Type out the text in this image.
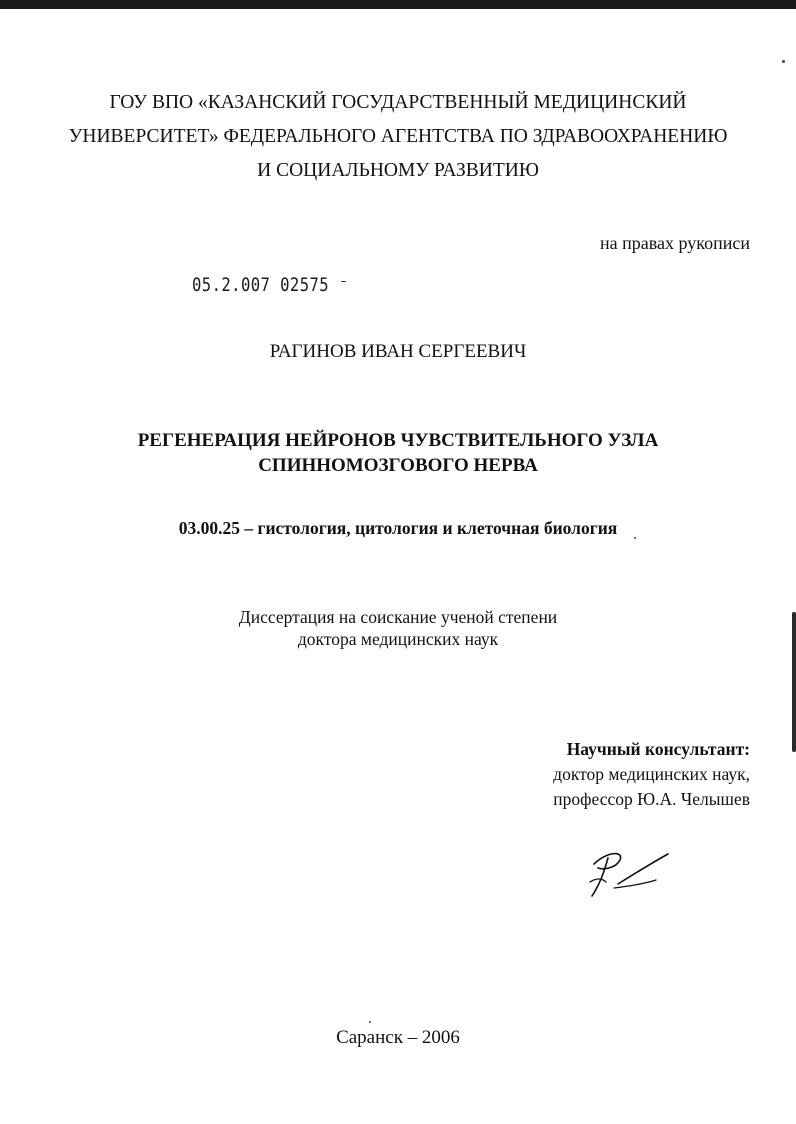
ГОУ ВПО «КАЗАНСКИЙ ГОСУДАРСТВЕННЫЙ МЕДИЦИНСКИЙ
УНИВЕРСИТЕТ» ФЕДЕРАЛЬНОГО АГЕНТСТВА ПО ЗДРАВООХРАНЕНИЮ
И СОЦИАЛЬНОМУ РАЗВИТИЮ
на правах рукописи
05.2.007 02575 ⁻
РАГИНОВ ИВАН СЕРГЕЕВИЧ
РЕГЕНЕРАЦИЯ НЕЙРОНОВ ЧУВСТВИТЕЛЬНОГО УЗЛА
СПИННОМОЗГОВОГО НЕРВА
03.00.25 – гистология, цитология и клеточная биология
Диссертация на соискание ученой степени
доктора медицинских наук
Научный консультант:
доктор медицинских наук,
профессор Ю.А. Челышев
Саранск – 2006
